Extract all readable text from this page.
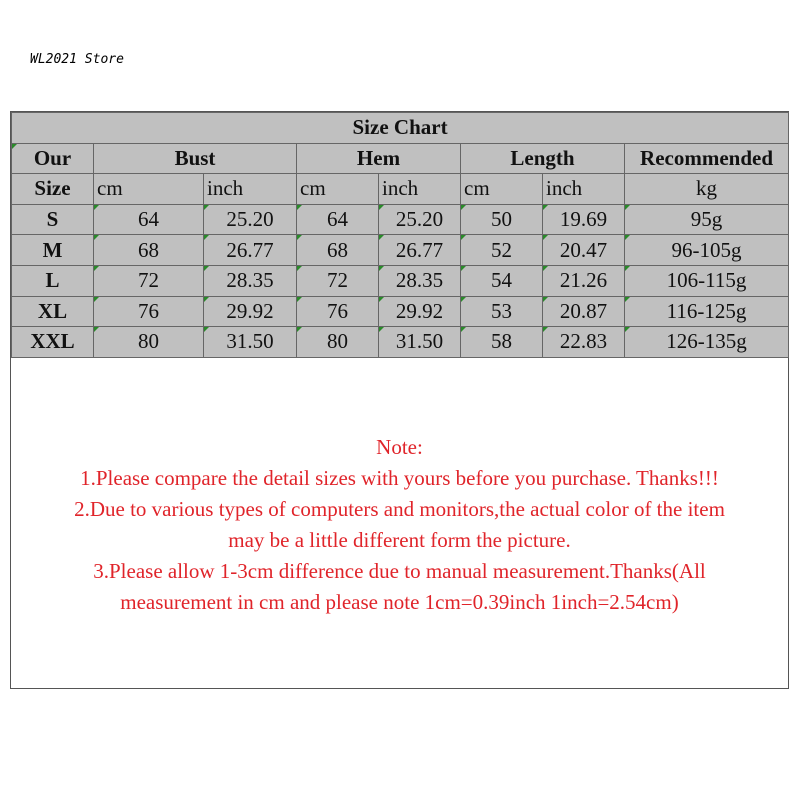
WL2021 Store
Size Chart							
Our	Bust		Hem		Length		Recommended
Size	cm	inch	cm	inch	cm	inch	kg
S	64	25.20	64	25.20	50	19.69	95g
M	68	26.77	68	26.77	52	20.47	96-105g
L	72	28.35	72	28.35	54	21.26	106-115g
XL	76	29.92	76	29.92	53	20.87	116-125g
XXL	80	31.50	80	31.50	58	22.83	126-135g
Note:
1.Please compare the detail sizes with yours before you purchase. Thanks!!!
2.Due to various types of computers and monitors,the actual color of the item
may be a little different form the picture.
3.Please allow 1-3cm difference due to manual measurement.Thanks(All
measurement in cm and please note 1cm=0.39inch 1inch=2.54cm)
